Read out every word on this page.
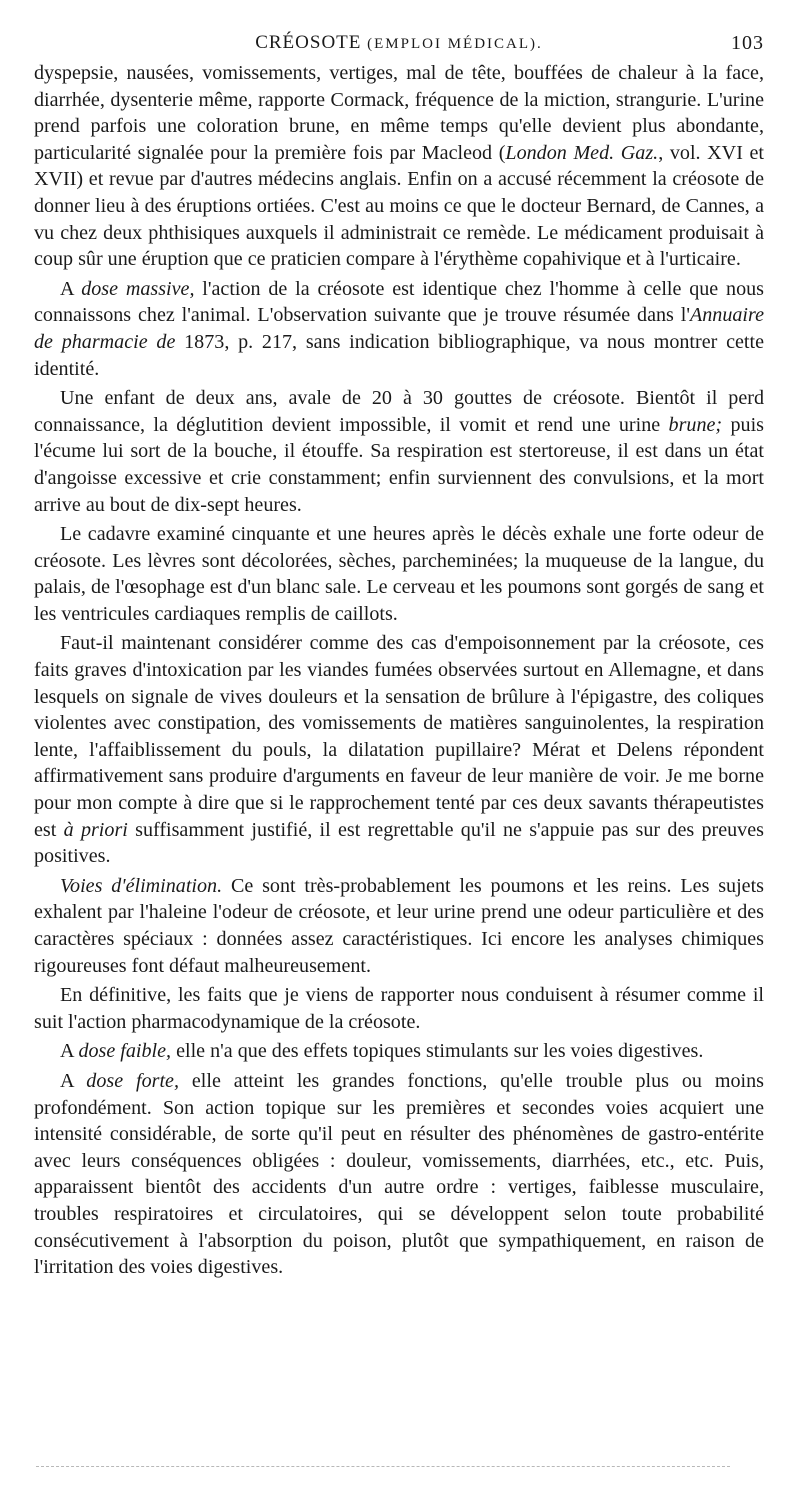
CRÉOSOTE (EMPLOI MÉDICAL).	103

dyspepsie, nausées, vomissements, vertiges, mal de tête, bouffées de chaleur à la face, diarrhée, dysenterie même, rapporte Cormack, fréquence de la miction, strangurie. L'urine prend parfois une coloration brune, en même temps qu'elle devient plus abondante, particularité signalée pour la première fois par Macleod (London Med. Gaz., vol. XVI et XVII) et revue par d'autres médecins anglais. Enfin on a accusé récemment la créosote de donner lieu à des éruptions ortiées. C'est au moins ce que le docteur Bernard, de Cannes, a vu chez deux phthisiques auxquels il administrait ce remède. Le médicament produisait à coup sûr une éruption que ce praticien compare à l'érythème copahivique et à l'urticaire.

A dose massive, l'action de la créosote est identique chez l'homme à celle que nous connaissons chez l'animal. L'observation suivante que je trouve résumée dans l'Annuaire de pharmacie de 1873, p. 217, sans indication bibliographique, va nous montrer cette identité.

Une enfant de deux ans, avale de 20 à 30 gouttes de créosote. Bientôt il perd connaissance, la déglutition devient impossible, il vomit et rend une urine brune; puis l'écume lui sort de la bouche, il étouffe. Sa respiration est stertoreuse, il est dans un état d'angoisse excessive et crie constamment; enfin surviennent des convulsions, et la mort arrive au bout de dix-sept heures.

Le cadavre examiné cinquante et une heures après le décès exhale une forte odeur de créosote. Les lèvres sont décolorées, sèches, parcheminées; la muqueuse de la langue, du palais, de l'œsophage est d'un blanc sale. Le cerveau et les poumons sont gorgés de sang et les ventricules cardiaques remplis de caillots.

Faut-il maintenant considérer comme des cas d'empoisonnement par la créosote, ces faits graves d'intoxication par les viandes fumées observées surtout en Allemagne, et dans lesquels on signale de vives douleurs et la sensation de brûlure à l'épigastre, des coliques violentes avec constipation, des vomissements de matières sanguinolentes, la respiration lente, l'affaiblissement du pouls, la dilatation pupillaire? Mérat et Delens répondent affirmativement sans produire d'arguments en faveur de leur manière de voir. Je me borne pour mon compte à dire que si le rapprochement tenté par ces deux savants thérapeutistes est à priori suffisamment justifié, il est regrettable qu'il ne s'appuie pas sur des preuves positives.

Voies d'élimination. Ce sont très-probablement les poumons et les reins. Les sujets exhalent par l'haleine l'odeur de créosote, et leur urine prend une odeur particulière et des caractères spéciaux : données assez caractéristiques. Ici encore les analyses chimiques rigoureuses font défaut malheureusement.

En définitive, les faits que je viens de rapporter nous conduisent à résumer comme il suit l'action pharmacodynamique de la créosote.

A dose faible, elle n'a que des effets topiques stimulants sur les voies digestives.

A dose forte, elle atteint les grandes fonctions, qu'elle trouble plus ou moins profondément. Son action topique sur les premières et secondes voies acquiert une intensité considérable, de sorte qu'il peut en résulter des phénomènes de gastro-entérite avec leurs conséquences obligées : douleur, vomissements, diarrhées, etc., etc. Puis, apparaissent bientôt des accidents d'un autre ordre : vertiges, faiblesse musculaire, troubles respiratoires et circulatoires, qui se développent selon toute probabilité consécutivement à l'absorption du poison, plutôt que sympathiquement, en raison de l'irritation des voies digestives.
